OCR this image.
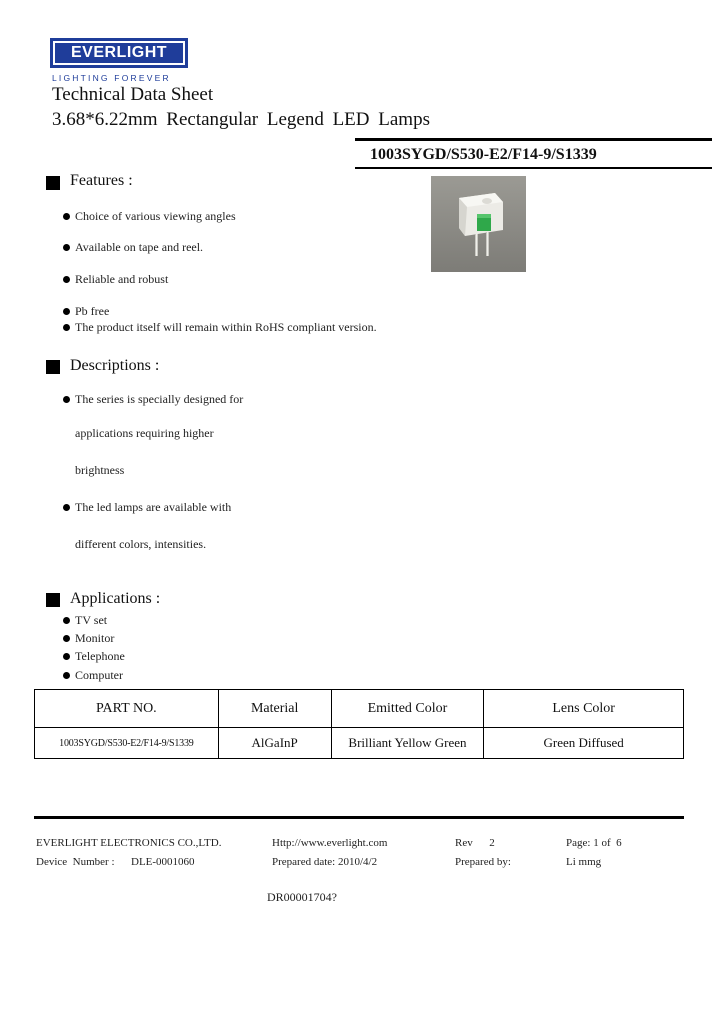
EVERLIGHT
LIGHTING FOREVER
Technical Data Sheet
3.68*6.22mm Rectangular Legend LED Lamps
1003SYGD/S530-E2/F14-9/S1339
Features :
Choice of various viewing angles
Available on tape and reel.
Reliable and robust
Pb free
The product itself will remain within RoHS compliant version.
Descriptions :
The series is specially designed for
applications requiring higher
brightness
The led lamps are available with
different colors, intensities.
Applications :
TV set
Monitor
Telephone
Computer
PART NO.	Material	Emitted Color	Lens Color
1003SYGD/S530-E2/F14-9/S1339	AlGaInP	Brilliant Yellow Green	Green Diffused
EVERLIGHT ELECTRONICS CO.,LTD.	Http://www.everlight.com	Rev      2	Page: 1 of  6
Device  Number :      DLE-0001060	Prepared date: 2010/4/2	Prepared by:	Li mmg
DR00001704?
